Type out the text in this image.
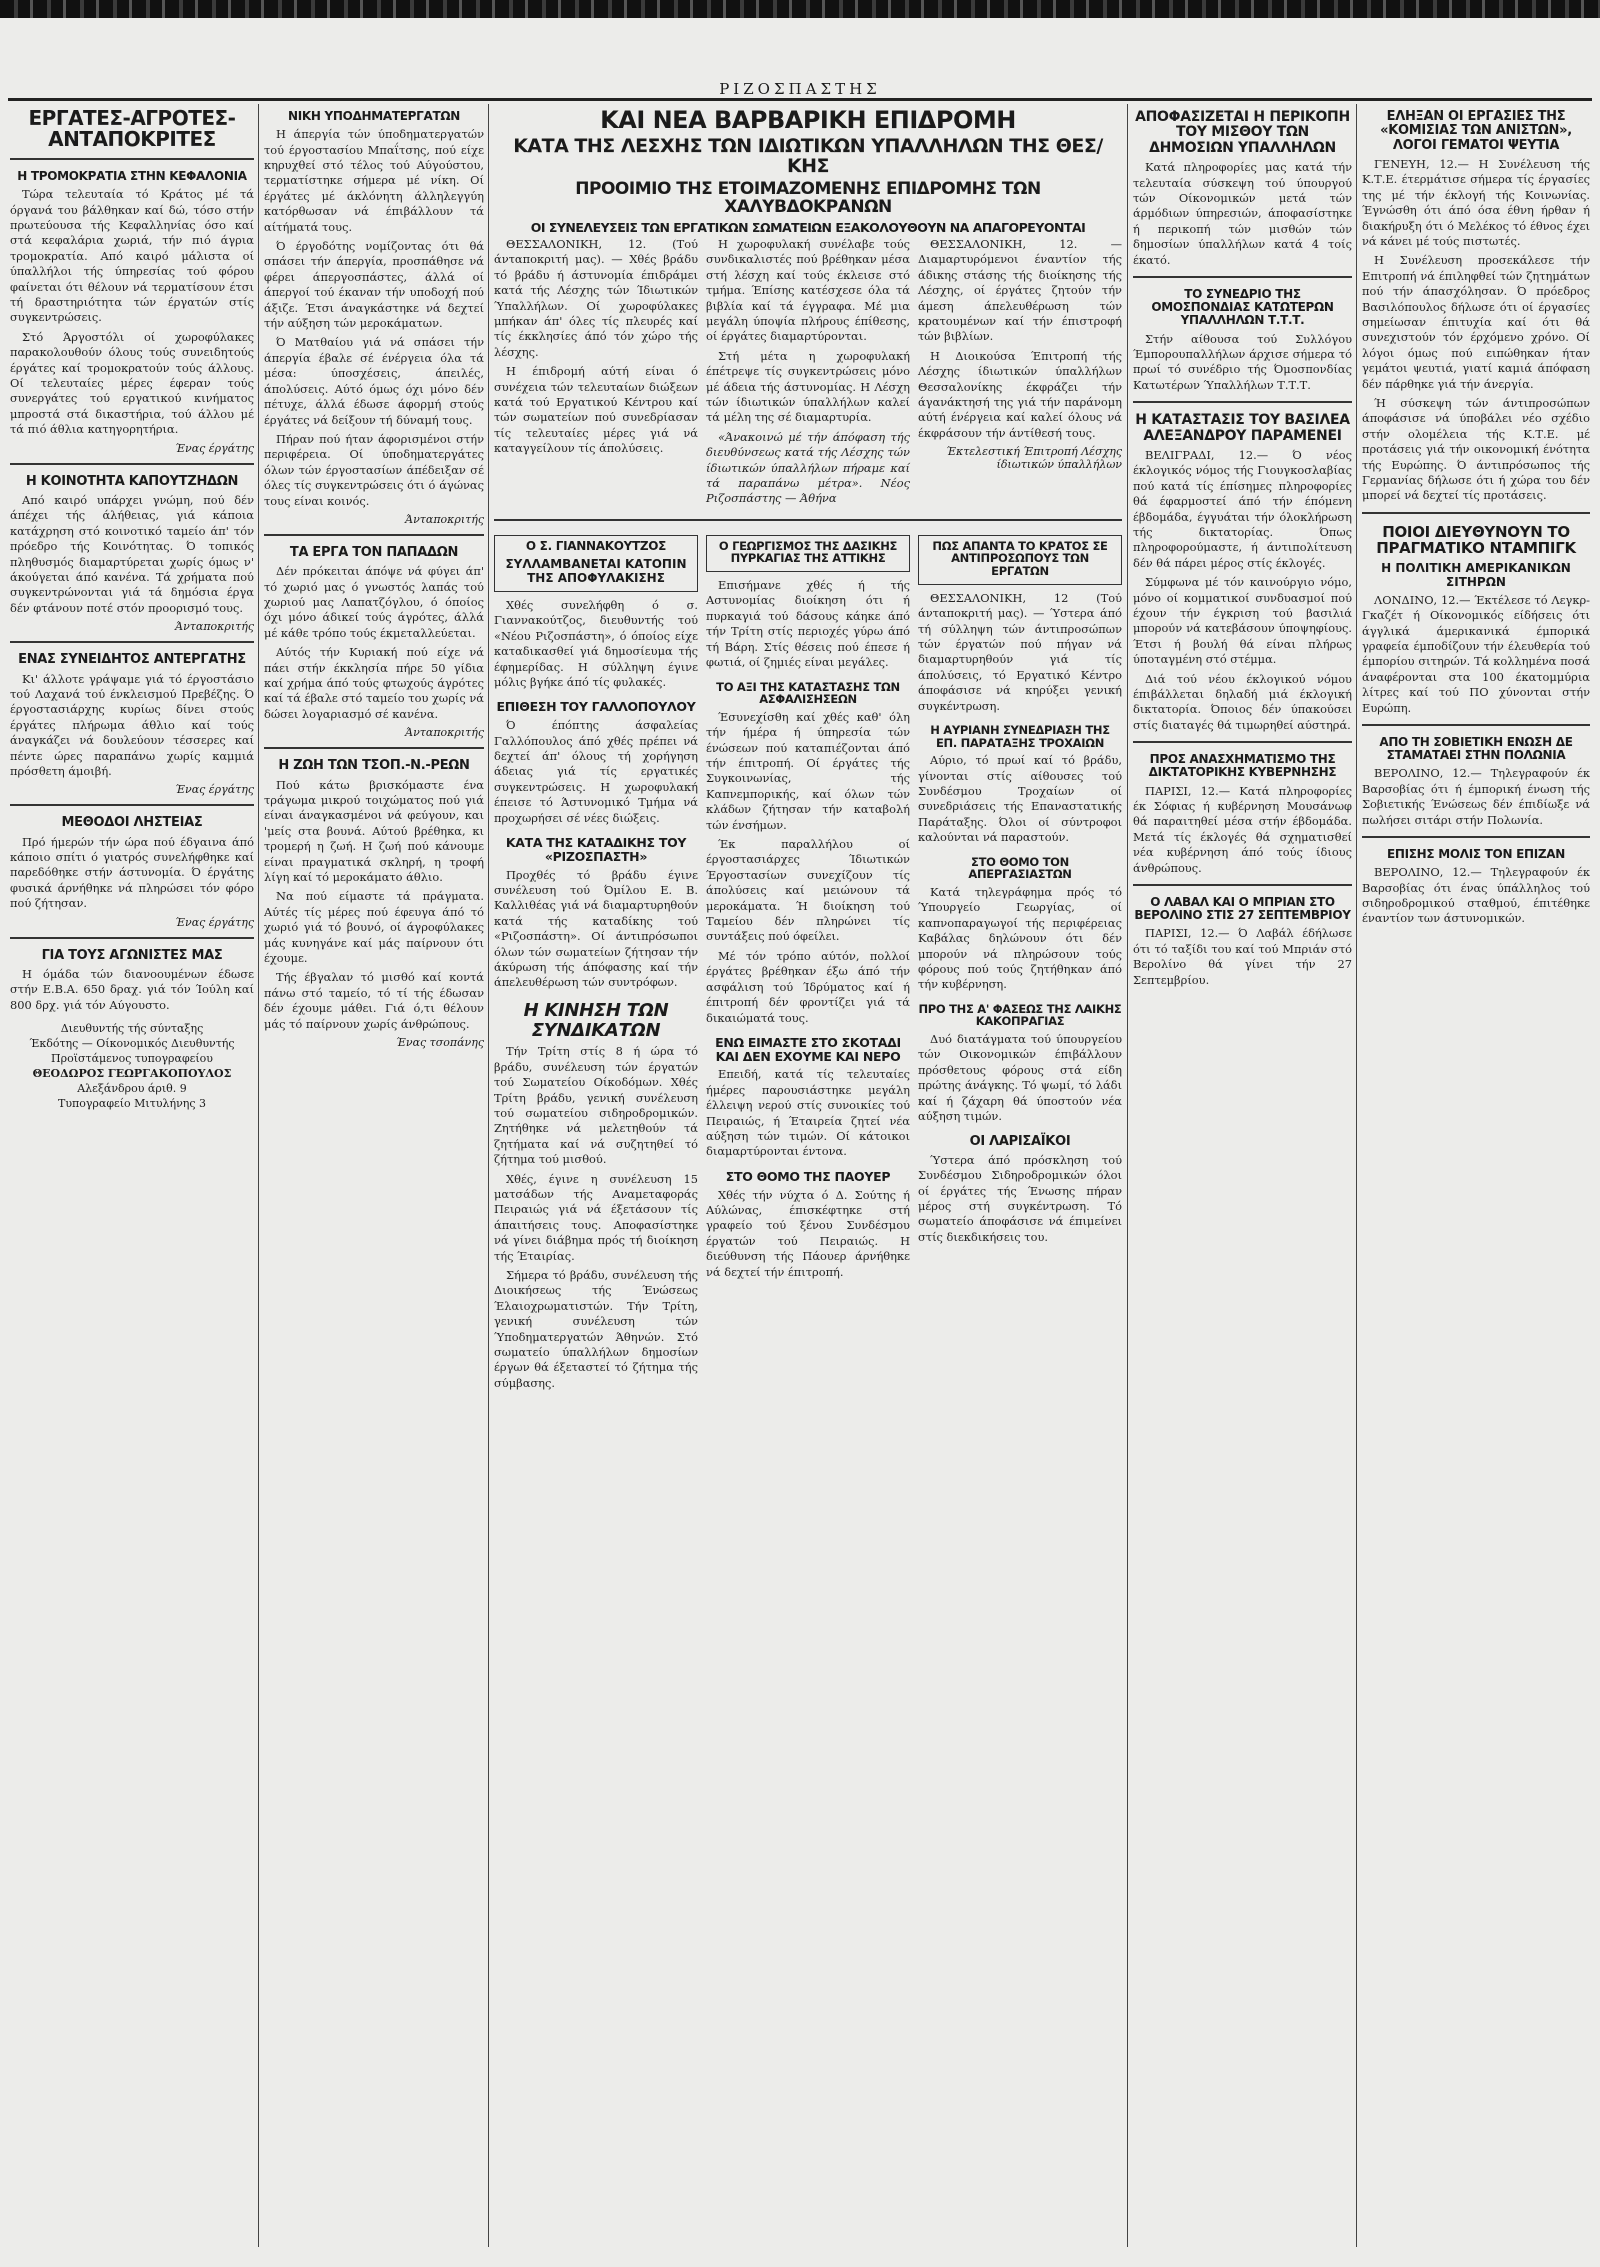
ΡΙΖΟΣΠΑΣΤΗΣ
ΕΡΓΑΤΕΣ-ΑΓΡΟΤΕΣ-ΑΝΤΑΠΟΚΡΙΤΕΣ
Η ΤΡΟΜΟΚΡΑΤΙΑ ΣΤΗΝ ΚΕΦΑΛΟΝΙΑ

Τώρα τελευταία τό Κράτος μέ τά όργανά του βάλθηκαν καί δώ, τόσο στήν πρωτεύουσα τής Κεφαλληνίας όσο καί στά κεφαλάρια χωριά, τήν πιό άγρια τρομοκρατία. Από καιρό μάλιστα οί ύπαλλήλοι τής ύπηρεσίας τού φόρου φαίνεται ότι θέλουν νά τερματίσουν έτσι τή δραστηριότητα τών έργατών στίς συγκεντρώσεις.

Στό Άργοστόλι οί χωροφύλακες παρακολουθούν όλους τούς συνειδητούς έργάτες καί τρομοκρατούν τούς άλλους. Οί τελευταίες μέρες έφεραν τούς συνεργάτες τού εργατικού κινήματος μπροστά στά δικαστήρια, τού άλλου μέ τά πιό άθλια κατηγορητήρια.

Ένας έργάτης
Η ΚΟΙΝΟΤΗΤΑ ΚΑΠΟΥΤΖΗΔΩΝ

Από καιρό υπάρχει γνώμη, πού δέν άπέχει τής άλήθειας, γιά κάποια κατάχρηση στό κοινοτικό ταμείο άπ' τόν πρόεδρο τής Κοινότητας. Ό τοπικός πληθυσμός διαμαρτύρεται χωρίς όμως ν' άκούγεται άπό κανένα. Τά χρήματα πού συγκεντρώνονται γιά τά δημόσια έργα δέν φτάνουν ποτέ στόν προορισμό τους.

Άνταποκριτής
ΕΝΑΣ ΣΥΝΕΙΔΗΤΟΣ ΑΝΤΕΡΓΑΤΗΣ

Κι' άλλοτε γράψαμε γιά τό έργοστάσιο τού Λαχανά τού ένκλεισμού Πρεβέζης. Ό έργοστασιάρχης κυρίως δίνει στούς έργάτες πλήρωμα άθλιο καί τούς άναγκάζει νά δουλεύουν τέσσερες καί πέντε ώρες παραπάνω χωρίς καμμιά πρόσθετη άμοιβή.

Ένας έργάτης
ΜΕΘΟΔΟΙ ΛΗΣΤΕΙΑΣ

Πρό ήμερών τήν ώρα πού έδγαινα άπό κάποιο σπίτι ό γιατρός συνελήφθηκε καί παρεδόθηκε στήν άστυνομία. Ό έργάτης φυσικά άρνήθηκε νά πληρώσει τόν φόρο πού ζήτησαν.

Ένας έργάτης
ΓΙΑ ΤΟΥΣ ΑΓΩΝΙΣΤΕΣ ΜΑΣ

Η όμάδα τών διανοουμένων έδωσε στήν Ε.Β.Α. 650 δραχ. γιά τόν Ίούλη καί 800 δρχ. γιά τόν Αύγουστο.

Διευθυντής τής σύνταξης
Έκδότης — Οίκονομικός Διευθυντής
Προϊστάμενος τυπογραφείου
ΘΕΟΔΩΡΟΣ ΓΕΩΡΓΑΚΟΠΟΥΛΟΣ
Αλεξάνδρου άριθ. 9
Τυπογραφείο Μιτυλήνης 3
ΝΙΚΗ ΥΠΟΔΗΜΑΤΕΡΓΑΤΩΝ

Η άπεργία τών ύποδηματεργατών τού έργοστασίου Μπαΐτσης, πού είχε κηρυχθεί στό τέλος τού Αύγούστου, τερματίστηκε σήμερα μέ νίκη. Οί έργάτες μέ άκλόνητη άλληλεγγύη κατόρθωσαν νά έπιβάλλουν τά αίτήματά τους.

Ό έργοδότης νομίζοντας ότι θά σπάσει τήν άπεργία, προσπάθησε νά φέρει άπεργοσπάστες, άλλά οί άπεργοί τού έκαναν τήν υποδοχή πού άξιζε. Έτσι άναγκάστηκε νά δεχτεί τήν αύξηση τών μεροκάματων.

Ό Ματθαίου γιά νά σπάσει τήν άπεργία έβαλε σέ ένέργεια όλα τά μέσα: ύποσχέσεις, άπειλές, άπολύσεις. Αύτό όμως όχι μόνο δέν πέτυχε, άλλά έδωσε άφορμή στούς έργάτες νά δείξουν τή δύναμή τους.

Πήραν πού ήταν άφορισμένοι στήν περιφέρεια. Οί ύποδηματεργάτες όλων τών έργοστασίων άπέδειξαν σέ όλες τίς συγκεντρώσεις ότι ό άγώνας τους είναι κοινός.

Άνταποκριτής
ΤΑ ΕΡΓΑ ΤΟΝ ΠΑΠΑΔΩΝ

Δέν πρόκειται άπόψε νά φύγει άπ' τό χωριό μας ό γνωστός λαπάς τού χωριού μας Λαπατζόγλου, ό όποίος όχι μόνο άδικεί τούς άγρότες, άλλά μέ κάθε τρόπο τούς έκμεταλλεύεται.

Αύτός τήν Κυριακή πού είχε νά πάει στήν έκκλησία πήρε 50 γίδια καί χρήμα άπό τούς φτωχούς άγρότες καί τά έβαλε στό ταμείο του χωρίς νά δώσει λογαριασμό σέ κανένα.

Άνταποκριτής
Η ΖΩΗ ΤΩΝ ΤΣΟΠ.-Ν.-ΡΕΩΝ

Πού κάτω βρισκόμαστε ένα τράγωμα μικρού τοιχώματος πού γιά είναι άναγκασμένοι νά φεύγουν, και 'μείς στα βουνά. Αύτού βρέθηκα, κι τρομερή η ζωή. Η ζωή πού κάνουμε είναι πραγματικά σκληρή, η τροφή λίγη καί τό μεροκάματο άθλιο.

Να πού είμαστε τά πράγματα. Αύτές τίς μέρες πού έφευγα άπό τό χωριό γιά τό βουνό, οί άγροφύλακες μάς κυνηγάνε καί μάς παίρνουν ότι έχουμε.

Τής έβγαλαν τό μισθό καί κοντά πάνω στό ταμείο, τό τί τής έδωσαν δέν έχουμε μάθει. Γιά ό,τι θέλουν μάς τό παίρνουν χωρίς άνθρώπους.

Ένας τσοπάνης
ΚΑΙ ΝΕΑ ΒΑΡΒΑΡΙΚΗ ΕΠΙΔΡΟΜΗ
ΚΑΤΑ ΤΗΣ ΛΕΣΧΗΣ ΤΩΝ ΙΔΙΩΤΙΚΩΝ ΥΠΑΛΛΗΛΩΝ ΤΗΣ ΘΕΣ/ΚΗΣ
ΠΡΟΟΙΜΙΟ ΤΗΣ ΕΤΟΙΜΑΖΟΜΕΝΗΣ ΕΠΙΔΡΟΜΗΣ ΤΩΝ ΧΑΛΥΒΔΟΚΡΑΝΩΝ
ΟΙ ΣΥΝΕΛΕΥΣΕΙΣ ΤΩΝ ΕΡΓΑΤΙΚΩΝ ΣΩΜΑΤΕΙΩΝ ΕΞΑΚΟΛΟΥΘΟΥΝ ΝΑ ΑΠΑΓΟΡΕΥΟΝΤΑΙ

ΘΕΣΣΑΛΟΝΙΚΗ, 12. (Τού άνταποκριτή μας). — Χθές βράδυ τό βράδυ ή άστυνομία έπιδράμει κατά τής Λέσχης τών Ίδιωτικών Ύπαλλήλων. Οί χωροφύλακες μπήκαν άπ' όλες τίς πλευρές καί τίς έκκλησίες άπό τόν χώρο τής λέσχης.

Η έπιδρομή αύτή είναι ό συνέχεια τών τελευταίων διώξεων κατά τού Εργατικού Κέντρου καί τών σωματείων πού συνεδρίασαν τίς τελευταίες μέρες γιά νά καταγγείλουν τίς άπολύσεις.

Η χωροφυλακή συνέλαβε τούς συνδικαλιστές πού βρέθηκαν μέσα στή λέσχη καί τούς έκλεισε στό τμήμα. Έπίσης κατέσχεσε όλα τά βιβλία καί τά έγγραφα. Μέ μια μεγάλη ύποψία πλήρους έπίθεσης, οί έργάτες διαμαρτύρονται.

Στή μέτα η χωροφυλακή έπέτρεψε τίς συγκεντρώσεις μόνο μέ άδεια τής άστυνομίας. Η Λέσχη τών ίδιωτικών ύπαλλήλων καλεί τά μέλη της σέ διαμαρτυρία.

«Άνακοινώ μέ τήν άπόφαση τής διευθύνσεως κατά τής Λέσχης τών ίδιωτικών ύπαλλήλων πήραμε καί τά παραπάνω μέτρα». Νέος Ριζοσπάστης — Άθήνα

ΘΕΣΣΑΛΟΝΙΚΗ, 12. — Διαμαρτυρόμενοι έναντίον τής άδικης στάσης τής διοίκησης τής Λέσχης, οί έργάτες ζητούν τήν άμεση άπελευθέρωση τών κρατουμένων καί τήν έπιστροφή τών βιβλίων.

Η Διοικούσα Έπιτροπή τής Λέσχης ίδιωτικών ύπαλλήλων Θεσσαλονίκης έκφράζει τήν άγανάκτησή της γιά τήν παράνομη αύτή ένέργεια καί καλεί όλους νά έκφράσουν τήν άντίθεσή τους.

Έκτελεστική Έπιτροπή Λέσχης ίδιωτικών ύπαλλήλων
Ο Σ. ΓΙΑΝΝΑΚΟΥΤΖΟΣ
ΣΥΛΛΑΜΒΑΝΕΤΑΙ ΚΑΤΟΠΙΝ ΤΗΣ ΑΠΟΦΥΛΑΚΙΣΗΣ

Χθές συνελήφθη ό σ. Γιαννακούτζος, διευθυντής τού «Νέου Ριζοσπάστη», ό όποίος είχε καταδικασθεί γιά δημοσίευμα τής έφημερίδας. Η σύλληψη έγινε μόλις βγήκε άπό τίς φυλακές.

ΕΠΙΘΕΣΗ ΤΟΥ ΓΑΛΛΟΠΟΥΛΟΥ

Ό έπόπτης άσφαλείας Γαλλόπουλος άπό χθές πρέπει νά δεχτεί άπ' όλους τή χορήγηση άδειας γιά τίς εργατικές συγκεντρώσεις. Η χωροφυλακή έπεισε τό Άστυνομικό Τμήμα νά προχωρήσει σέ νέες διώξεις.

ΚΑΤΑ ΤΗΣ ΚΑΤΑΔΙΚΗΣ ΤΟΥ «ΡΙΖΟΣΠΑΣΤΗ»

Προχθές τό βράδυ έγινε συνέλευση τού Όμίλου Ε. Β. Καλλιθέας γιά νά διαμαρτυρηθούν κατά τής καταδίκης τού «Ριζοσπάστη». Οί άντιπρόσωποι όλων τών σωματείων ζήτησαν τήν άκύρωση τής άπόφασης καί τήν άπελευθέρωση τών συντρόφων.

Η ΚΙΝΗΣΗ ΤΩΝ ΣΥΝΔΙΚΑΤΩΝ

Τήν Τρίτη στίς 8 ή ώρα τό βράδυ, συνέλευση τών έργατών τού Σωματείου Οίκοδόμων. Χθές Τρίτη βράδυ, γενική συνέλευση τού σωματείου σιδηροδρομικών. Ζητήθηκε νά μελετηθούν τά ζητήματα καί νά συζητηθεί τό ζήτημα τού μισθού.

Χθές, έγινε η συνέλευση 15 ματσάδων τής Αναμεταφοράς Πειραιώς γιά νά έξετάσουν τίς άπαιτήσεις τους. Αποφασίστηκε νά γίνει διάβημα πρός τή διοίκηση τής Έταιρίας.

Σήμερα τό βράδυ, συνέλευση τής Διοικήσεως τής Ένώσεως Έλαιοχρωματιστών. Τήν Τρίτη, γενική συνέλευση τών Ύποδηματεργατών Άθηνών. Στό σωματείο ύπαλλήλων δημοσίων έργων θά έξεταστεί τό ζήτημα τής σύμβασης.

Ο ΓΕΩΡΓΙΣΜΟΣ ΤΗΣ ΔΑΣΙΚΗΣ ΠΥΡΚΑΓΙΑΣ ΤΗΣ ΑΤΤΙΚΗΣ

Επισήμανε χθές ή τής Αστυνομίας διοίκηση ότι ή πυρκαγιά τού δάσους κάηκε άπό τήν Τρίτη στίς περιοχές γύρω άπό τή Βάρη. Στίς θέσεις πού έπεσε ή φωτιά, οί ζημιές είναι μεγάλες.

ΤΟ ΑΞΙ ΤΗΣ ΚΑΤΑΣΤΑΣΗΣ ΤΩΝ ΑΣΦΑΛΙΣΗΣΕΩΝ

Έσυνεχίσθη καί χθές καθ' όλη τήν ήμέρα ή ύπηρεσία τών ένώσεων πού καταπιέζονται άπό τήν έπιτροπή. Οί έργάτες τής Συγκοινωνίας, τής Καπνεμπορικής, καί όλων τών κλάδων ζήτησαν τήν καταβολή τών ένσήμων.

Έκ παραλλήλου οί έργοστασιάρχες Ίδιωτικών Έργοστασίων συνεχίζουν τίς άπολύσεις καί μειώνουν τά μεροκάματα. Ή διοίκηση τού Ταμείου δέν πληρώνει τίς συντάξεις πού όφείλει.

Μέ τόν τρόπο αύτόν, πολλοί έργάτες βρέθηκαν έξω άπό τήν ασφάλιση τού Ίδρύματος καί ή έπιτροπή δέν φροντίζει γιά τά δικαιώματά τους.

ΕΝΩ ΕΙΜΑΣΤΕ ΣΤΟ ΣΚΟΤΑΔΙ ΚΑΙ ΔΕΝ ΕΧΟΥΜΕ ΚΑΙ ΝΕΡΟ

Επειδή, κατά τίς τελευταίες ήμέρες παρουσιάστηκε μεγάλη έλλειψη νερού στίς συνοικίες τού Πειραιώς, ή Έταιρεία ζητεί νέα αύξηση τών τιμών. Οί κάτοικοι διαμαρτύρονται έντονα.

ΣΤΟ ΘΟΜΟ ΤΗΣ ΠΑΟΥΕΡ

Χθές τήν νύχτα ό Δ. Σούτης ή Αύλώνας, έπισκέφτηκε στή γραφείο τού ξένου Συνδέσμου έργατών τού Πειραιώς. Η διεύθυνση τής Πάουερ άρνήθηκε νά δεχτεί τήν έπιτροπή.

ΠΩΣ ΑΠΑΝΤΑ ΤΟ ΚΡΑΤΟΣ ΣΕ ΑΝΤΙΠΡΟΣΩΠΟΥΣ ΤΩΝ ΕΡΓΑΤΩΝ

ΘΕΣΣΑΛΟΝΙΚΗ, 12 (Τού άνταποκριτή μας). — Ύστερα άπό τή σύλληψη τών άντιπροσώπων τών έργατών πού πήγαν νά διαμαρτυρηθούν γιά τίς άπολύσεις, τό Εργατικό Κέντρο άποφάσισε νά κηρύξει γενική συγκέντρωση.

Η ΑΥΡΙΑΝΗ ΣΥΝΕΔΡΙΑΣΗ ΤΗΣ ΕΠ. ΠΑΡΑΤΑΞΗΣ ΤΡΟΧΑΙΩΝ

Αύριο, τό πρωί καί τό βράδυ, γίνονται στίς αίθουσες τού Συνδέσμου Τροχαίων οί συνεδριάσεις τής Επαναστατικής Παράταξης. Όλοι οί σύντροφοι καλούνται νά παραστούν.

ΣΤΟ ΘΟΜΟ ΤΟΝ ΑΠΕΡΓΑΣΙΑΣΤΩΝ

Κατά τηλεγράφημα πρός τό Ύπουργείο Γεωργίας, οί καπνοπαραγωγοί τής περιφέρειας Καβάλας δηλώνουν ότι δέν μπορούν νά πληρώσουν τούς φόρους πού τούς ζητήθηκαν άπό τήν κυβέρνηση.

ΠΡΟ ΤΗΣ Α' ΦΑΣΕΩΣ ΤΗΣ ΛΑΙΚΗΣ ΚΑΚΟΠΡΑΓΙΑΣ

Δυό διατάγματα τού ύπουργείου τών Οικονομικών έπιβάλλουν πρόσθετους φόρους στά είδη πρώτης άνάγκης. Τό ψωμί, τό λάδι καί ή ζάχαρη θά ύποστούν νέα αύξηση τιμών.

ΟΙ ΛΑΡΙΣΑΪΚΟΙ

Ύστερα άπό πρόσκληση τού Συνδέσμου Σιδηροδρομικών όλοι οί έργάτες τής Ένωσης πήραν μέρος στή συγκέντρωση. Τό σωματείο άποφάσισε νά έπιμείνει στίς διεκδικήσεις του.

ΑΠΟΦΑΣΙΖΕΤΑΙ Η ΠΕΡΙΚΟΠΗ ΤΟΥ ΜΙΣΘΟΥ ΤΩΝ ΔΗΜΟΣΙΩΝ ΥΠΑΛΛΗΛΩΝ

Κατά πληροφορίες μας κατά τήν τελευταία σύσκεψη τού ύπουργού τών Οίκονομικών μετά τών άρμόδιων ύπηρεσιών, άποφασίστηκε ή περικοπή τών μισθών τών δημοσίων ύπαλλήλων κατά 4 τοίς έκατό.

ΤΟ ΣΥΝΕΔΡΙΟ ΤΗΣ ΟΜΟΣΠΟΝΔΙΑΣ ΚΑΤΩΤΕΡΩΝ ΥΠΑΛΛΗΛΩΝ Τ.Τ.Τ.

Στήν αίθουσα τού Συλλόγου Έμπορουπαλλήλων άρχισε σήμερα τό πρωί τό συνέδριο τής Όμοσπονδίας Κατωτέρων Ύπαλλήλων Τ.Τ.Τ.

Η ΚΑΤΑΣΤΑΣΙΣ ΤΟΥ ΒΑΣΙΛΕΑ ΑΛΕΞΑΝΔΡΟΥ ΠΑΡΑΜΕΝΕΙ

ΒΕΛΙΓΡΑΔΙ, 12.— Ό νέος έκλογικός νόμος τής Γιουγκοσλαβίας πού κατά τίς έπίσημες πληροφορίες θά έφαρμοστεί άπό τήν έπόμενη έβδομάδα, έγγυάται τήν όλοκλήρωση τής δικτατορίας. Όπως πληροφορούμαστε, ή άντιπολίτευση δέν θά πάρει μέρος στίς έκλογές.

Σύμφωνα μέ τόν καινούργιο νόμο, μόνο οί κομματικοί συνδυασμοί πού έχουν τήν έγκριση τού βασιλιά μπορούν νά κατεβάσουν ύποψηφίους. Έτσι ή βουλή θά είναι πλήρως ύποταγμένη στό στέμμα.

Διά τού νέου έκλογικού νόμου έπιβάλλεται δηλαδή μιά έκλογική δικτατορία. Όποιος δέν ύπακούσει στίς διαταγές θά τιμωρηθεί αύστηρά.

ΠΡΟΣ ΑΝΑΣΧΗΜΑΤΙΣΜΟ ΤΗΣ ΔΙΚΤΑΤΟΡΙΚΗΣ ΚΥΒΕΡΝΗΣΗΣ

ΠΑΡΙΣΙ, 12.— Κατά πληροφορίες έκ Σόφιας ή κυβέρνηση Μουσάνωφ θά παραιτηθεί μέσα στήν έβδομάδα. Μετά τίς έκλογές θά σχηματισθεί νέα κυβέρνηση άπό τούς ίδιους άνθρώπους.

Ο ΛΑΒΑΛ ΚΑΙ Ο ΜΠΡΙΑΝ ΣΤΟ ΒΕΡΟΛΙΝΟ ΣΤΙΣ 27 ΣΕΠΤΕΜΒΡΙΟΥ

ΠΑΡΙΣΙ, 12.— Ό Λαβάλ έδήλωσε ότι τό ταξίδι του καί τού Μπριάν στό Βερολίνο θά γίνει τήν 27 Σεπτεμβρίου.

ΕΛΗΞΑΝ ΟΙ ΕΡΓΑΣΙΕΣ ΤΗΣ «ΚΟΜΙΣΙΑΣ ΤΩΝ ΑΝΙΣΤΩΝ», ΛΟΓΟΙ ΓΕΜΑΤΟΙ ΨΕΥΤΙΑ

ΓΕΝΕΥΗ, 12.— Η Συνέλευση τής Κ.Τ.Ε. έτερμάτισε σήμερα τίς έργασίες της μέ τήν έκλογή τής Κοινωνίας. Έγνώσθη ότι άπό όσα έθνη ήρθαν ή διακήρυξη ότι ό Μελέκος τό έθνος έχει νά κάνει μέ τούς πιστωτές.

Η Συνέλευση προσεκάλεσε τήν Επιτροπή νά έπιληφθεί τών ζητημάτων πού τήν άπασχόλησαν. Ό πρόεδρος Βασιλόπουλος δήλωσε ότι οί έργασίες σημείωσαν έπιτυχία καί ότι θά συνεχιστούν τόν έρχόμενο χρόνο. Οί λόγοι όμως πού ειπώθηκαν ήταν γεμάτοι ψευτιά, γιατί καμιά άπόφαση δέν πάρθηκε γιά τήν άνεργία.

Ή σύσκεψη τών άντιπροσώπων άποφάσισε νά ύποβάλει νέο σχέδιο στήν ολομέλεια τής Κ.Τ.Ε. μέ προτάσεις γιά τήν οικονομική ένότητα τής Ευρώπης. Ό άντιπρόσωπος τής Γερμανίας δήλωσε ότι ή χώρα του δέν μπορεί νά δεχτεί τίς προτάσεις.

ΠΟΙΟΙ ΔΙΕΥΘΥΝΟΥΝ ΤΟ ΠΡΑΓΜΑΤΙΚΟ ΝΤΑΜΠΙΓΚ
Η ΠΟΛΙΤΙΚΗ ΑΜΕΡΙΚΑΝΙΚΩΝ ΣΙΤΗΡΩΝ

ΛΟΝΔΙΝΟ, 12.— Έκτέλεσε τό Λεγκρ-Γκαζέτ ή Οίκονομικός είδήσεις ότι άγγλικά άμερικανικά έμπορικά γραφεία έμποδίζουν τήν έλευθερία τού έμπορίου σιτηρών. Τά κολλημένα ποσά άναφέρονται στα 100 έκατομμύρια λίτρες καί τού ΠΟ χύνονται στήν Ευρώπη.

ΑΠΟ ΤΗ ΣΟΒΙΕΤΙΚΗ ΕΝΩΣΗ ΔΕ ΣΤΑΜΑΤΑΕΙ ΣΤΗΝ ΠΟΛΩΝΙΑ

ΒΕΡΟΛΙΝΟ, 12.— Τηλεγραφούν έκ Βαρσοβίας ότι ή έμπορική ένωση τής Σοβιετικής Ένώσεως δέν έπιδίωξε νά πωλήσει σιτάρι στήν Πολωνία.

ΕΠΙΣΗΣ ΜΟΛΙΣ ΤΟΝ ΕΠΙΖΑΝ

ΒΕΡΟΛΙΝΟ, 12.— Τηλεγραφούν έκ Βαρσοβίας ότι ένας ύπάλληλος τού σιδηροδρομικού σταθμού, έπιτέθηκε έναντίον των άστυνομικών.
